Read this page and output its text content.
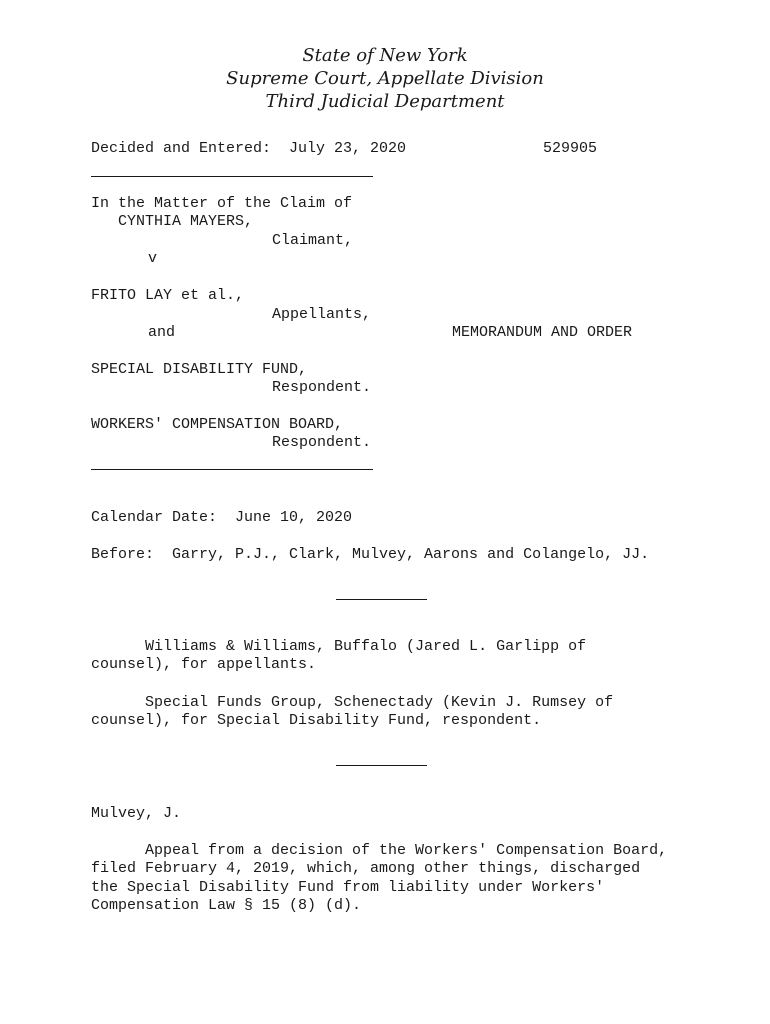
State of New York
Supreme Court, Appellate Division
Third Judicial Department
Decided and Entered:  July 23, 2020	529905
In the Matter of the Claim of
CYNTHIA MAYERS,
Claimant,
v
FRITO LAY et al.,
Appellants,
and	MEMORANDUM AND ORDER
SPECIAL DISABILITY FUND,
Respondent.
WORKERS' COMPENSATION BOARD,
Respondent.
Calendar Date:  June 10, 2020
Before:  Garry, P.J., Clark, Mulvey, Aarons and Colangelo, JJ.
Williams & Williams, Buffalo (Jared L. Garlipp of
counsel), for appellants.
Special Funds Group, Schenectady (Kevin J. Rumsey of
counsel), for Special Disability Fund, respondent.
Mulvey, J.
Appeal from a decision of the Workers' Compensation Board,
filed February 4, 2019, which, among other things, discharged
the Special Disability Fund from liability under Workers'
Compensation Law § 15 (8) (d).
